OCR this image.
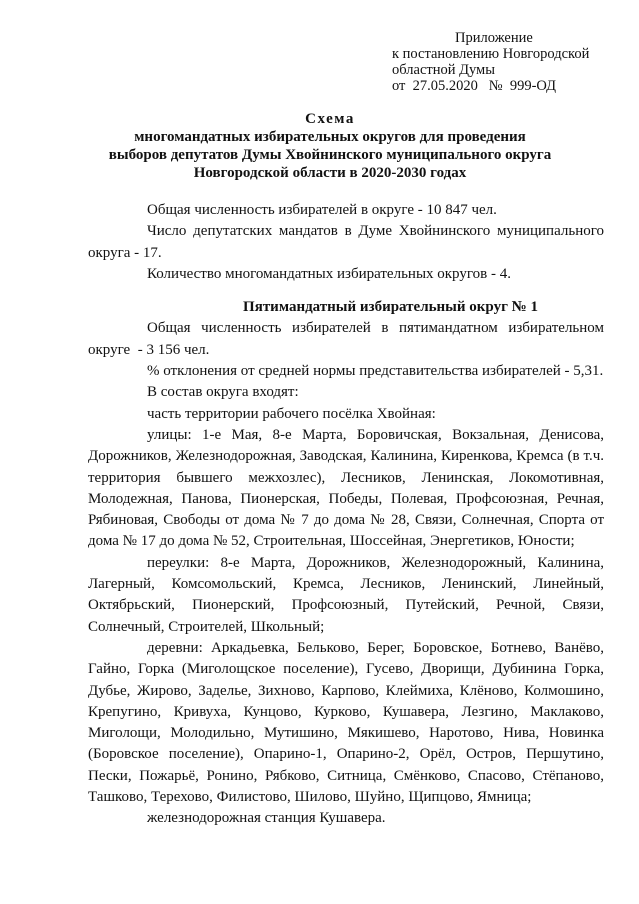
Приложение
к постановлению Новгородской
областной Думы
от  27.05.2020   №  999-ОД
Схема
многомандатных избирательных округов для проведения
выборов депутатов Думы Хвойнинского муниципального округа
Новгородской области в 2020-2030 годах

Общая численность избирателей в округе - 10 847 чел.

Число депутатских мандатов в Думе Хвойнинского муниципального округа - 17.

Количество многомандатных избирательных округов - 4.

Пятимандатный избирательный округ № 1

Общая численность избирателей в пятимандатном избирательном округе  - 3 156 чел.

% отклонения от средней нормы представительства избирателей - 5,31.

В состав округа входят:

часть территории рабочего посёлка Хвойная:

улицы: 1-е Мая, 8-е Марта, Боровичская, Вокзальная, Денисова, Дорожников, Железнодорожная, Заводская, Калинина, Киренкова, Кремса (в т.ч. территория бывшего межхозлес), Лесников, Ленинская, Локомотивная, Молодежная, Панова, Пионерская, Победы, Полевая, Профсоюзная, Речная, Рябиновая, Свободы от дома № 7 до дома № 28, Связи, Солнечная, Спорта от дома № 17 до дома № 52, Строительная, Шоссейная, Энергетиков, Юности;

переулки: 8-е Марта, Дорожников, Железнодорожный, Калинина, Лагерный, Комсомольский, Кремса, Лесников, Ленинский, Линейный, Октябрьский, Пионерский, Профсоюзный, Путейский, Речной, Связи, Солнечный, Строителей, Школьный;

деревни: Аркадьевка, Бельково, Берег, Боровское, Ботнево, Ванёво, Гайно, Горка (Миголощское поселение), Гусево, Дворищи, Дубинина Горка, Дубье, Жирово, Заделье, Зихново, Карпово, Клеймиха, Клёново, Колмошино, Крепугино, Кривуха, Кунцово, Курково, Кушавера, Лезгино, Маклаково, Миголощи, Молодильно, Мутишино, Мякишево, Наротово, Нива, Новинка (Боровское поселение), Опарино-1, Опарино-2, Орёл, Остров, Першутино, Пески, Пожарьё, Ронино, Рябково, Ситница, Смёнково, Спасово, Стёпаново, Ташково, Терехово, Филистово, Шилово, Шуйно, Щипцово, Ямница;

железнодорожная станция Кушавера.
